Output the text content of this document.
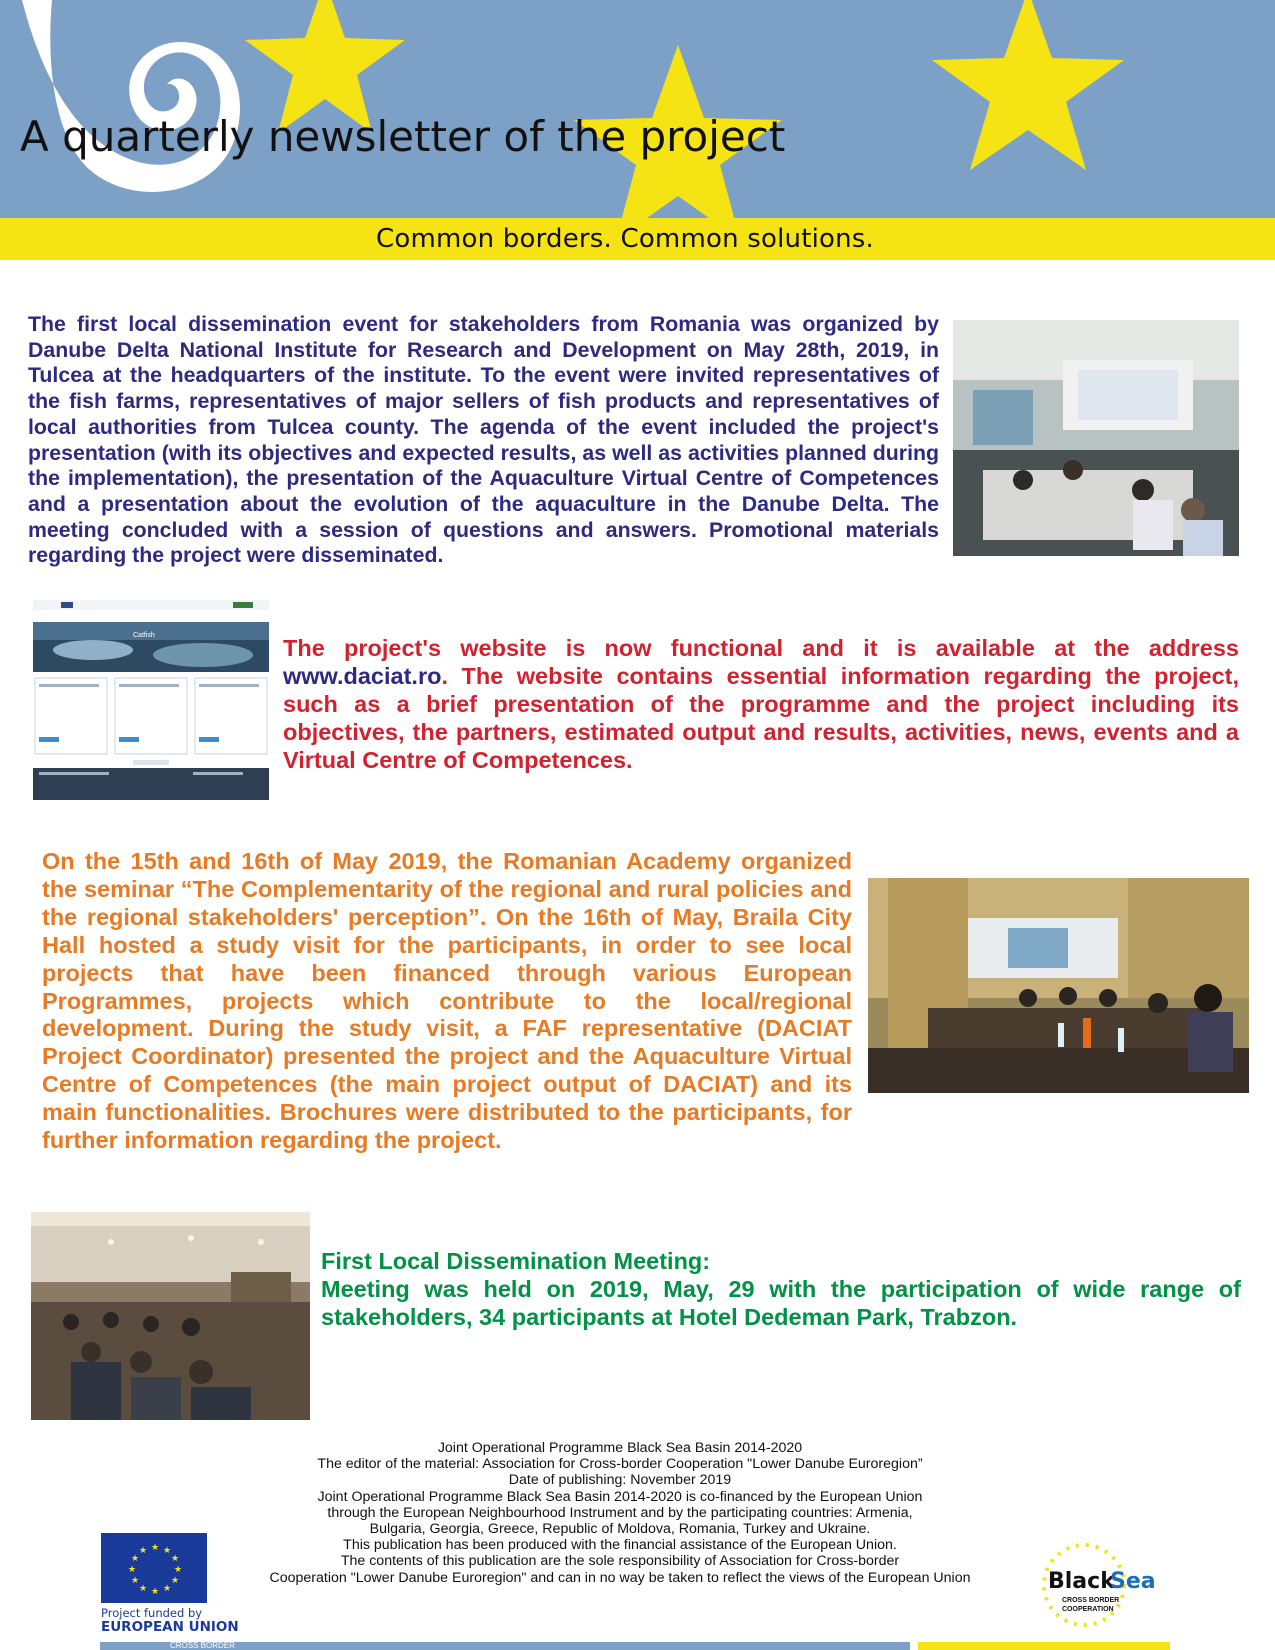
A quarterly newsletter of the project
Common borders. Common solutions.

The first local dissemination event for stakeholders from Romania was organized by Danube Delta National Institute for Research and Development on May 28th, 2019, in Tulcea at the headquarters of the institute. To the event were invited representatives of the fish farms, representatives of major sellers of fish products and representatives of local authorities from Tulcea county. The agenda of the event included the project's presentation (with its objectives and expected results, as well as activities planned during the implementation), the presentation of the Aquaculture Virtual Centre of Competences and a presentation about the evolution of the aquaculture in the Danube Delta. The meeting concluded with a session of questions and answers. Promotional materials regarding the project were disseminated.

Catfish	The project's website is now functional and it is available at the address www.daciat.ro. The website contains essential information regarding the project, such as a brief presentation of the programme and the project including its objectives, the partners, estimated output and results, activities, news, events and a Virtual Centre of Competences.

On the 15th and 16th of May 2019, the Romanian Academy organized the seminar “The Complementarity of the regional and rural policies and the regional stakeholders' perception”. On the 16th of May, Braila City Hall hosted a study visit for the participants, in order to see local projects that have been financed through various European Programmes, projects which contribute to the local/regional development. During the study visit, a FAF representative (DACIAT Project Coordinator) presented the project and the Aquaculture Virtual Centre of Competences (the main project output of DACIAT) and its main functionalities. Brochures were distributed to the participants, for further information regarding the project.

First Local Dissemination Meeting:

Meeting was held on 2019, May, 29 with the participation of wide range of stakeholders, 34 participants at Hotel Dedeman Park, Trabzon.

Joint Operational Programme Black Sea Basin 2014-2020
The editor of the material: Association for Cross-border Cooperation "Lower Danube Euroregion”
Date of publishing: November 2019
Joint Operational Programme Black Sea Basin 2014-2020 is co-financed by the European Union
through the European Neighbourhood Instrument and by the participating countries: Armenia,
Bulgaria, Georgia, Greece, Republic of Moldova, Romania, Turkey and Ukraine.
This publication has been produced with the financial assistance of the European Union.
The contents of this publication are the sole responsibility of Association for Cross-border
Cooperation "Lower Danube Euroregion" and can in no way be taken to reflect the views of the European Union
★ ★
★
★
★
★
★
★
★
★
★
★
Project funded by
EUROPEAN UNION
Black
Sea
CROSS BORDER
COOPERATION
CROSS BORDER
